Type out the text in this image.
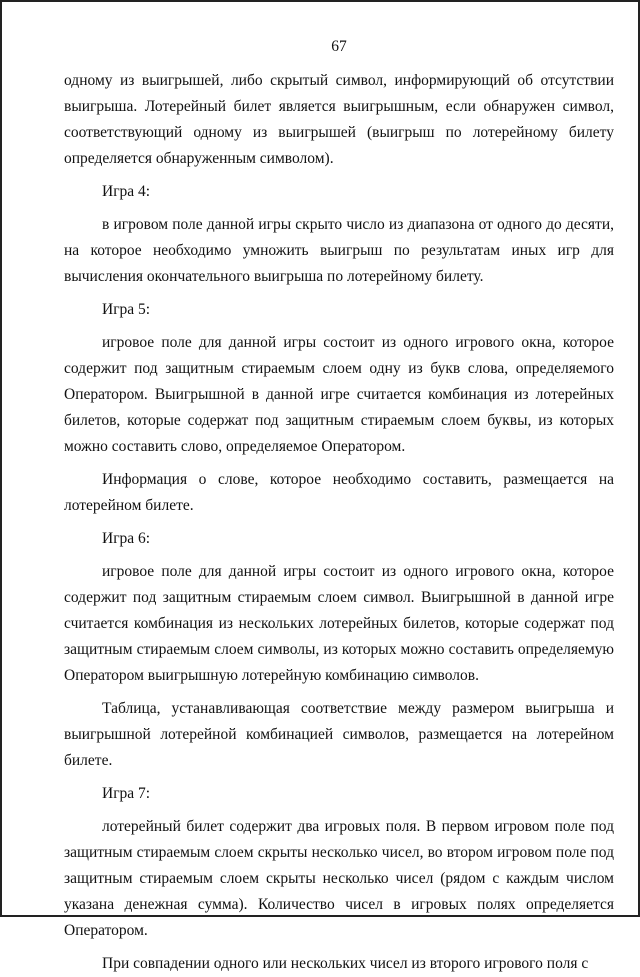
67

одному из выигрышей, либо скрытый символ, информирующий об отсутствии выигрыша. Лотерейный билет является выигрышным, если обнаружен символ, соответствующий одному из выигрышей (выигрыш по лотерейному билету определяется обнаруженным символом).

Игра 4:

в игровом поле данной игры скрыто число из диапазона от одного до десяти, на которое необходимо умножить выигрыш по результатам иных игр для вычисления окончательного выигрыша по лотерейному билету.

Игра 5:

игровое поле для данной игры состоит из одного игрового окна, которое содержит под защитным стираемым слоем одну из букв слова, определяемого Оператором. Выигрышной в данной игре считается комбинация из лотерейных билетов, которые содержат под защитным стираемым слоем буквы, из которых можно составить слово, определяемое Оператором.

Информация о слове, которое необходимо составить, размещается на лотерейном билете.

Игра 6:

игровое поле для данной игры состоит из одного игрового окна, которое содержит под защитным стираемым слоем символ. Выигрышной в данной игре считается комбинация из нескольких лотерейных билетов, которые содержат под защитным стираемым слоем символы, из которых можно составить определяемую Оператором выигрышную лотерейную комбинацию символов.

Таблица, устанавливающая соответствие между размером выигрыша и выигрышной лотерейной комбинацией символов, размещается на лотерейном билете.

Игра 7:

лотерейный билет содержит два игровых поля. В первом игровом поле под защитным стираемым слоем скрыты несколько чисел, во втором игровом поле под защитным стираемым слоем скрыты несколько чисел (рядом с каждым числом указана денежная сумма). Количество чисел в игровых полях определяется Оператором.

При совпадении одного или нескольких чисел из второго игрового поля с
